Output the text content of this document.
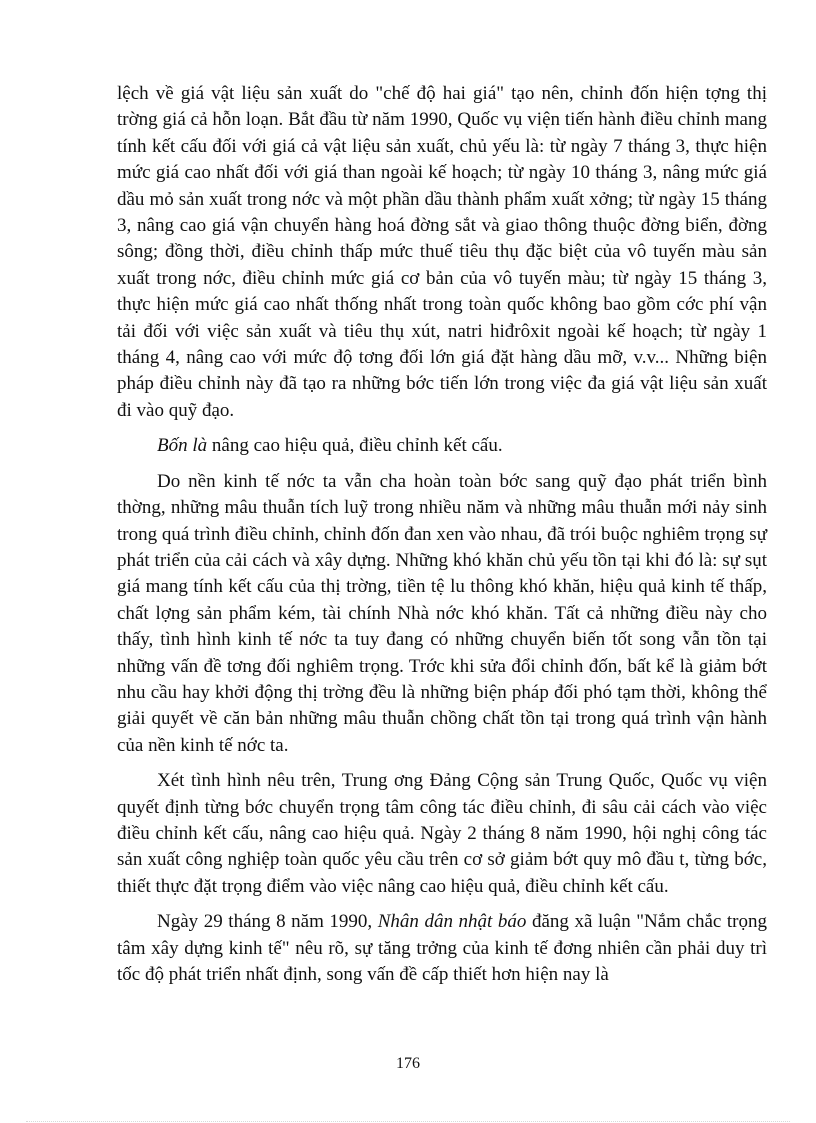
lệch về giá vật liệu sản xuất do "chế độ hai giá" tạo nên, chỉnh đốn hiện tợng thị trờng giá cả hỗn loạn. Bắt đầu từ năm 1990, Quốc vụ viện tiến hành điều chỉnh mang tính kết cấu đối với giá cả vật liệu sản xuất, chủ yếu là: từ ngày 7 tháng 3, thực hiện mức giá cao nhất đối với giá than ngoài kế hoạch; từ ngày 10 tháng 3, nâng mức giá dầu mỏ sản xuất trong nớc và một phần dầu thành phẩm xuất xởng; từ ngày 15 tháng 3, nâng cao giá vận chuyển hàng hoá đờng sắt và giao thông thuộc đờng biển, đờng sông; đồng thời, điều chỉnh thấp mức thuế tiêu thụ đặc biệt của vô tuyến màu sản xuất trong nớc, điều chỉnh mức giá cơ bản của vô tuyến màu; từ ngày 15 tháng 3, thực hiện mức giá cao nhất thống nhất trong toàn quốc không bao gồm cớc phí vận tải đối với việc sản xuất và tiêu thụ xút, natri hiđrôxit ngoài kế hoạch; từ ngày 1 tháng 4, nâng cao với mức độ tơng đối lớn giá đặt hàng dầu mỡ, v.v... Những biện pháp điều chỉnh này đã tạo ra những bớc tiến lớn trong việc đa giá vật liệu sản xuất đi vào quỹ đạo.

Bốn là nâng cao hiệu quả, điều chỉnh kết cấu.

Do nền kinh tế nớc ta vẫn cha hoàn toàn bớc sang quỹ đạo phát triển bình thờng, những mâu thuẫn tích luỹ trong nhiều năm và những mâu thuẫn mới nảy sinh trong quá trình điều chỉnh, chỉnh đốn đan xen vào nhau, đã trói buộc nghiêm trọng sự phát triển của cải cách và xây dựng. Những khó khăn chủ yếu tồn tại khi đó là: sự sụt giá mang tính kết cấu của thị trờng, tiền tệ lu thông khó khăn, hiệu quả kinh tế thấp, chất lợng sản phẩm kém, tài chính Nhà nớc khó khăn. Tất cả những điều này cho thấy, tình hình kinh tế nớc ta tuy đang có những chuyển biến tốt song vẫn tồn tại những vấn đề tơng đối nghiêm trọng. Trớc khi sửa đổi chỉnh đốn, bất kể là giảm bớt nhu cầu hay khởi động thị trờng đều là những biện pháp đối phó tạm thời, không thể giải quyết về căn bản những mâu thuẫn chồng chất tồn tại trong quá trình vận hành của nền kinh tế nớc ta.

Xét tình hình nêu trên, Trung ơng Đảng Cộng sản Trung Quốc, Quốc vụ viện quyết định từng bớc chuyển trọng tâm công tác điều chỉnh, đi sâu cải cách vào việc điều chỉnh kết cấu, nâng cao hiệu quả. Ngày 2 tháng 8 năm 1990, hội nghị công tác sản xuất công nghiệp toàn quốc yêu cầu trên cơ sở giảm bớt quy mô đầu t, từng bớc, thiết thực đặt trọng điểm vào việc nâng cao hiệu quả, điều chỉnh kết cấu.

Ngày 29 tháng 8 năm 1990, Nhân dân nhật báo đăng xã luận "Nắm chắc trọng tâm xây dựng kinh tế" nêu rõ, sự tăng trởng của kinh tế đơng nhiên cần phải duy trì tốc độ phát triển nhất định, song vấn đề cấp thiết hơn hiện nay là

176
